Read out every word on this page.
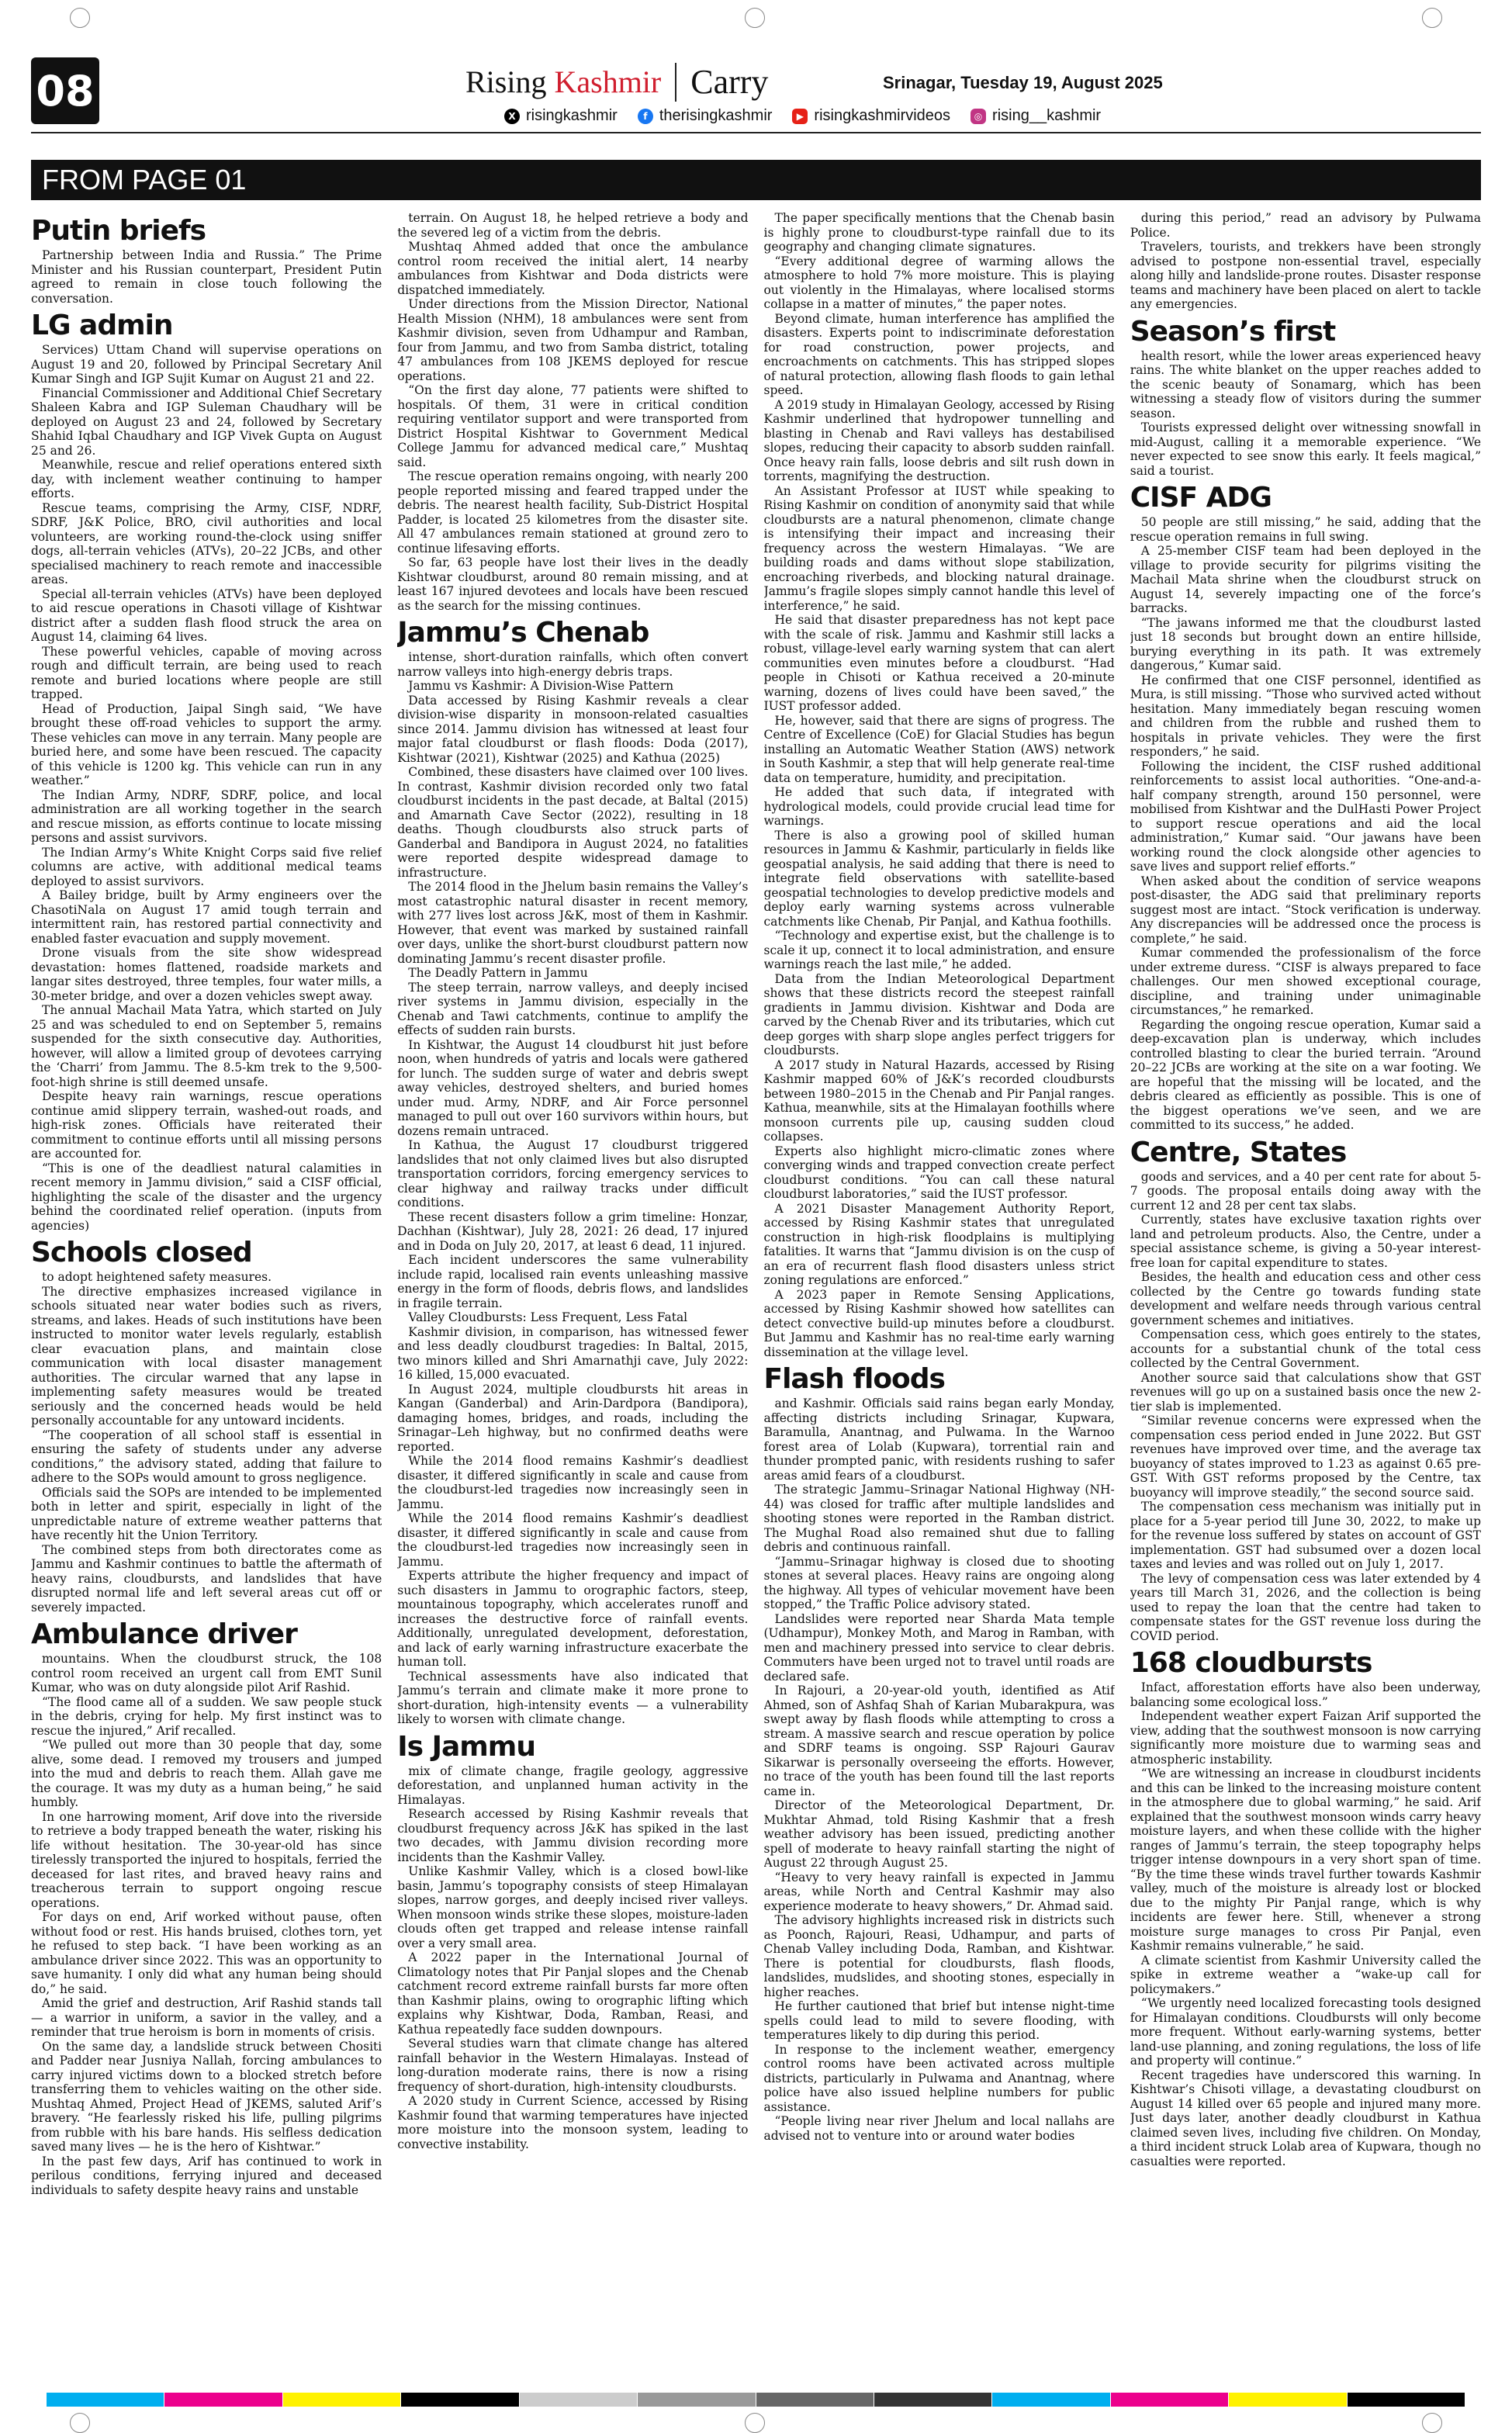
08	Rising Kashmir Carry	Srinagar, Tuesday 19, August 2025
X risingkashmir	f therisingkashmir	▶ risingkashmirvideos	◎ rising__kashmir
FROM PAGE 01
Putin briefs

Partnership between India and Russia.” The Prime Minister and his Russian counterpart, President Putin agreed to remain in close touch following the conversation.

LG admin

Services) Uttam Chand will supervise operations on August 19 and 20, followed by Principal Secretary Anil Kumar Singh and IGP Sujit Kumar on August 21 and 22.

Financial Commissioner and Additional Chief Secretary Shaleen Kabra and IGP Suleman Chaudhary will be deployed on August 23 and 24, followed by Secretary Shahid Iqbal Chaudhary and IGP Vivek Gupta on August 25 and 26.

Meanwhile, rescue and relief operations entered sixth day, with inclement weather continuing to hamper efforts.

Rescue teams, comprising the Army, CISF, NDRF, SDRF, J&K Police, BRO, civil authorities and local volunteers, are working round-the-clock using sniffer dogs, all-terrain vehicles (ATVs), 20–22 JCBs, and other specialised machinery to reach remote and inaccessible areas.

Special all-terrain vehicles (ATVs) have been deployed to aid rescue operations in Chasoti village of Kishtwar district after a sudden flash flood struck the area on August 14, claiming 64 lives.

These powerful vehicles, capable of moving across rough and difficult terrain, are being used to reach remote and buried locations where people are still trapped.

Head of Production, Jaipal Singh said, “We have brought these off-road vehicles to support the army. These vehicles can move in any terrain. Many people are buried here, and some have been rescued. The capacity of this vehicle is 1200 kg. This vehicle can run in any weather.”

The Indian Army, NDRF, SDRF, police, and local administration are all working together in the search and rescue mission, as efforts continue to locate missing persons and assist survivors.

The Indian Army’s White Knight Corps said five relief columns are active, with additional medical teams deployed to assist survivors.

A Bailey bridge, built by Army engineers over the ChasotiNala on August 17 amid tough terrain and intermittent rain, has restored partial connectivity and enabled faster evacuation and supply movement.

Drone visuals from the site show widespread devastation: homes flattened, roadside markets and langar sites destroyed, three temples, four water mills, a 30-meter bridge, and over a dozen vehicles swept away.

The annual Machail Mata Yatra, which started on July 25 and was scheduled to end on September 5, remains suspended for the sixth consecutive day. Authorities, however, will allow a limited group of devotees carrying the ‘Charri’ from Jammu. The 8.5-km trek to the 9,500-foot-high shrine is still deemed unsafe.

Despite heavy rain warnings, rescue operations continue amid slippery terrain, washed-out roads, and high-risk zones. Officials have reiterated their commitment to continue efforts until all missing persons are accounted for.

“This is one of the deadliest natural calamities in recent memory in Jammu division,” said a CISF official, highlighting the scale of the disaster and the urgency behind the coordinated relief operation. (inputs from agencies)

Schools closed

to adopt heightened safety measures.

The directive emphasizes increased vigilance in schools situated near water bodies such as rivers, streams, and lakes. Heads of such institutions have been instructed to monitor water levels regularly, establish clear evacuation plans, and maintain close communication with local disaster management authorities. The circular warned that any lapse in implementing safety measures would be treated seriously and the concerned heads would be held personally accountable for any untoward incidents.

“The cooperation of all school staff is essential in ensuring the safety of students under any adverse conditions,” the advisory stated, adding that failure to adhere to the SOPs would amount to gross negligence.

Officials said the SOPs are intended to be implemented both in letter and spirit, especially in light of the unpredictable nature of extreme weather patterns that have recently hit the Union Territory.

The combined steps from both directorates come as Jammu and Kashmir continues to battle the aftermath of heavy rains, cloudbursts, and landslides that have disrupted normal life and left several areas cut off or severely impacted.

Ambulance driver

mountains. When the cloudburst struck, the 108 control room received an urgent call from EMT Sunil Kumar, who was on duty alongside pilot Arif Rashid.

“The flood came all of a sudden. We saw people stuck in the debris, crying for help. My first instinct was to rescue the injured,” Arif recalled.

“We pulled out more than 30 people that day, some alive, some dead. I removed my trousers and jumped into the mud and debris to reach them. Allah gave me the courage. It was my duty as a human being,” he said humbly.

In one harrowing moment, Arif dove into the riverside to retrieve a body trapped beneath the water, risking his life without hesitation. The 30-year-old has since tirelessly transported the injured to hospitals, ferried the deceased for last rites, and braved heavy rains and treacherous terrain to support ongoing rescue operations.

For days on end, Arif worked without pause, often without food or rest. His hands bruised, clothes torn, yet he refused to step back. “I have been working as an ambulance driver since 2022. This was an opportunity to save humanity. I only did what any human being should do,” he said.

Amid the grief and destruction, Arif Rashid stands tall — a warrior in uniform, a savior in the valley, and a reminder that true heroism is born in moments of crisis.

On the same day, a landslide struck between Chositi and Padder near Jusniya Nallah, forcing ambulances to carry injured victims down to a blocked stretch before transferring them to vehicles waiting on the other side. Mushtaq Ahmed, Project Head of JKEMS, saluted Arif’s bravery. “He fearlessly risked his life, pulling pilgrims from rubble with his bare hands. His selfless dedication saved many lives — he is the hero of Kishtwar.”

In the past few days, Arif has continued to work in perilous conditions, ferrying injured and deceased individuals to safety despite heavy rains and unstable

terrain. On August 18, he helped retrieve a body and the severed leg of a victim from the debris.

Mushtaq Ahmed added that once the ambulance control room received the initial alert, 14 nearby ambulances from Kishtwar and Doda districts were dispatched immediately.

Under directions from the Mission Director, National Health Mission (NHM), 18 ambulances were sent from Kashmir division, seven from Udhampur and Ramban, four from Jammu, and two from Samba district, totaling 47 ambulances from 108 JKEMS deployed for rescue operations.

“On the first day alone, 77 patients were shifted to hospitals. Of them, 31 were in critical condition requiring ventilator support and were transported from District Hospital Kishtwar to Government Medical College Jammu for advanced medical care,” Mushtaq said.

The rescue operation remains ongoing, with nearly 200 people reported missing and feared trapped under the debris. The nearest health facility, Sub-District Hospital Padder, is located 25 kilometres from the disaster site. All 47 ambulances remain stationed at ground zero to continue lifesaving efforts.

So far, 63 people have lost their lives in the deadly Kishtwar cloudburst, around 80 remain missing, and at least 167 injured devotees and locals have been rescued as the search for the missing continues.

Jammu’s Chenab

intense, short-duration rainfalls, which often convert narrow valleys into high-energy debris traps.

Jammu vs Kashmir: A Division-Wise Pattern

Data accessed by Rising Kashmir reveals a clear division-wise disparity in monsoon-related casualties since 2014. Jammu division has witnessed at least four major fatal cloudburst or flash floods: Doda (2017), Kishtwar (2021), Kishtwar (2025) and Kathua (2025)

Combined, these disasters have claimed over 100 lives. In contrast, Kashmir division recorded only two fatal cloudburst incidents in the past decade, at Baltal (2015) and Amarnath Cave Sector (2022), resulting in 18 deaths. Though cloudbursts also struck parts of Ganderbal and Bandipora in August 2024, no fatalities were reported despite widespread damage to infrastructure.

The 2014 flood in the Jhelum basin remains the Valley’s most catastrophic natural disaster in recent memory, with 277 lives lost across J&K, most of them in Kashmir. However, that event was marked by sustained rainfall over days, unlike the short-burst cloudburst pattern now dominating Jammu’s recent disaster profile.

The Deadly Pattern in Jammu

The steep terrain, narrow valleys, and deeply incised river systems in Jammu division, especially in the Chenab and Tawi catchments, continue to amplify the effects of sudden rain bursts.

In Kishtwar, the August 14 cloudburst hit just before noon, when hundreds of yatris and locals were gathered for lunch. The sudden surge of water and debris swept away vehicles, destroyed shelters, and buried homes under mud. Army, NDRF, and Air Force personnel managed to pull out over 160 survivors within hours, but dozens remain untraced.

In Kathua, the August 17 cloudburst triggered landslides that not only claimed lives but also disrupted transportation corridors, forcing emergency services to clear highway and railway tracks under difficult conditions.

These recent disasters follow a grim timeline: Honzar, Dachhan (Kishtwar), July 28, 2021: 26 dead, 17 injured and in Doda on July 20, 2017, at least 6 dead, 11 injured.

Each incident underscores the same vulnerability include rapid, localised rain events unleashing massive energy in the form of floods, debris flows, and landslides in fragile terrain.

Valley Cloudbursts: Less Frequent, Less Fatal

Kashmir division, in comparison, has witnessed fewer and less deadly cloudburst tragedies: In Baltal, 2015, two minors killed and Shri Amarnathji cave, July 2022: 16 killed, 15,000 evacuated.

In August 2024, multiple cloudbursts hit areas in Kangan (Ganderbal) and Arin-Dardpora (Bandipora), damaging homes, bridges, and roads, including the Srinagar–Leh highway, but no confirmed deaths were reported.

While the 2014 flood remains Kashmir’s deadliest disaster, it differed significantly in scale and cause from the cloudburst-led tragedies now increasingly seen in Jammu.

While the 2014 flood remains Kashmir’s deadliest disaster, it differed significantly in scale and cause from the cloudburst-led tragedies now increasingly seen in Jammu.

Experts attribute the higher frequency and impact of such disasters in Jammu to orographic factors, steep, mountainous topography, which accelerates runoff and increases the destructive force of rainfall events. Additionally, unregulated development, deforestation, and lack of early warning infrastructure exacerbate the human toll.

Technical assessments have also indicated that Jammu’s terrain and climate make it more prone to short-duration, high-intensity events — a vulnerability likely to worsen with climate change.

Is Jammu

mix of climate change, fragile geology, aggressive deforestation, and unplanned human activity in the Himalayas.

Research accessed by Rising Kashmir reveals that cloudburst frequency across J&K has spiked in the last two decades, with Jammu division recording more incidents than the Kashmir Valley.

Unlike Kashmir Valley, which is a closed bowl-like basin, Jammu’s topography consists of steep Himalayan slopes, narrow gorges, and deeply incised river valleys. When monsoon winds strike these slopes, moisture-laden clouds often get trapped and release intense rainfall over a very small area.

A 2022 paper in the International Journal of Climatology notes that Pir Panjal slopes and the Chenab catchment record extreme rainfall bursts far more often than Kashmir plains, owing to orographic lifting which explains why Kishtwar, Doda, Ramban, Reasi, and Kathua repeatedly face sudden downpours.

Several studies warn that climate change has altered rainfall behavior in the Western Himalayas. Instead of long-duration moderate rains, there is now a rising frequency of short-duration, high-intensity cloudbursts.

A 2020 study in Current Science, accessed by Rising Kashmir found that warming temperatures have injected more moisture into the monsoon system, leading to convective instability.

The paper specifically mentions that the Chenab basin is highly prone to cloudburst-type rainfall due to its geography and changing climate signatures.

“Every additional degree of warming allows the atmosphere to hold 7% more moisture. This is playing out violently in the Himalayas, where localised storms collapse in a matter of minutes,” the paper notes.

Beyond climate, human interference has amplified the disasters. Experts point to indiscriminate deforestation for road construction, power projects, and encroachments on catchments. This has stripped slopes of natural protection, allowing flash floods to gain lethal speed.

A 2019 study in Himalayan Geology, accessed by Rising Kashmir underlined that hydropower tunnelling and blasting in Chenab and Ravi valleys has destabilised slopes, reducing their capacity to absorb sudden rainfall. Once heavy rain falls, loose debris and silt rush down in torrents, magnifying the destruction.

An Assistant Professor at IUST while speaking to Rising Kashmir on condition of anonymity said that while cloudbursts are a natural phenomenon, climate change is intensifying their impact and increasing their frequency across the western Himalayas. “We are building roads and dams without slope stabilization, encroaching riverbeds, and blocking natural drainage. Jammu’s fragile slopes simply cannot handle this level of interference,” he said.

He said that disaster preparedness has not kept pace with the scale of risk. Jammu and Kashmir still lacks a robust, village-level early warning system that can alert communities even minutes before a cloudburst. “Had people in Chisoti or Kathua received a 20-minute warning, dozens of lives could have been saved,” the IUST professor added.

He, however, said that there are signs of progress. The Centre of Excellence (CoE) for Glacial Studies has begun installing an Automatic Weather Station (AWS) network in South Kashmir, a step that will help generate real-time data on temperature, humidity, and precipitation.

He added that such data, if integrated with hydrological models, could provide crucial lead time for warnings.

There is also a growing pool of skilled human resources in Jammu & Kashmir, particularly in fields like geospatial analysis, he said adding that there is need to integrate field observations with satellite-based geospatial technologies to develop predictive models and deploy early warning systems across vulnerable catchments like Chenab, Pir Panjal, and Kathua foothills.

“Technology and expertise exist, but the challenge is to scale it up, connect it to local administration, and ensure warnings reach the last mile,” he added.

Data from the Indian Meteorological Department shows that these districts record the steepest rainfall gradients in Jammu division. Kishtwar and Doda are carved by the Chenab River and its tributaries, which cut deep gorges with sharp slope angles perfect triggers for cloudbursts.

A 2017 study in Natural Hazards, accessed by Rising Kashmir mapped 60% of J&K’s recorded cloudbursts between 1980–2015 in the Chenab and Pir Panjal ranges. Kathua, meanwhile, sits at the Himalayan foothills where monsoon currents pile up, causing sudden cloud collapses.

Experts also highlight micro-climatic zones where converging winds and trapped convection create perfect cloudburst conditions. “You can call these natural cloudburst laboratories,” said the IUST professor.

A 2021 Disaster Management Authority Report, accessed by Rising Kashmir states that unregulated construction in high-risk floodplains is multiplying fatalities. It warns that “Jammu division is on the cusp of an era of recurrent flash flood disasters unless strict zoning regulations are enforced.”

A 2023 paper in Remote Sensing Applications, accessed by Rising Kashmir showed how satellites can detect convective build-up minutes before a cloudburst. But Jammu and Kashmir has no real-time early warning dissemination at the village level.

Flash floods

and Kashmir. Officials said rains began early Monday, affecting districts including Srinagar, Kupwara, Baramulla, Anantnag, and Pulwama. In the Warnoo forest area of Lolab (Kupwara), torrential rain and thunder prompted panic, with residents rushing to safer areas amid fears of a cloudburst.

The strategic Jammu–Srinagar National Highway (NH-44) was closed for traffic after multiple landslides and shooting stones were reported in the Ramban district. The Mughal Road also remained shut due to falling debris and continuous rainfall.

“Jammu–Srinagar highway is closed due to shooting stones at several places. Heavy rains are ongoing along the highway. All types of vehicular movement have been stopped,” the Traffic Police advisory stated.

Landslides were reported near Sharda Mata temple (Udhampur), Monkey Moth, and Marog in Ramban, with men and machinery pressed into service to clear debris. Commuters have been urged not to travel until roads are declared safe.

In Rajouri, a 20-year-old youth, identified as Atif Ahmed, son of Ashfaq Shah of Karian Mubarakpura, was swept away by flash floods while attempting to cross a stream. A massive search and rescue operation by police and SDRF teams is ongoing. SSP Rajouri Gaurav Sikarwar is personally overseeing the efforts. However, no trace of the youth has been found till the last reports came in.

Director of the Meteorological Department, Dr. Mukhtar Ahmad, told Rising Kashmir that a fresh weather advisory has been issued, predicting another spell of moderate to heavy rainfall starting the night of August 22 through August 25.

“Heavy to very heavy rainfall is expected in Jammu areas, while North and Central Kashmir may also experience moderate to heavy showers,” Dr. Ahmad said.

The advisory highlights increased risk in districts such as Poonch, Rajouri, Reasi, Udhampur, and parts of Chenab Valley including Doda, Ramban, and Kishtwar. There is potential for cloudbursts, flash floods, landslides, mudslides, and shooting stones, especially in higher reaches.

He further cautioned that brief but intense night-time spells could lead to mild to severe flooding, with temperatures likely to dip during this period.

In response to the inclement weather, emergency control rooms have been activated across multiple districts, particularly in Pulwama and Anantnag, where police have also issued helpline numbers for public assistance.

“People living near river Jhelum and local nallahs are advised not to venture into or around water bodies

during this period,” read an advisory by Pulwama Police.

Travelers, tourists, and trekkers have been strongly advised to postpone non-essential travel, especially along hilly and landslide-prone routes. Disaster response teams and machinery have been placed on alert to tackle any emergencies.

Season’s first

health resort, while the lower areas experienced heavy rains. The white blanket on the upper reaches added to the scenic beauty of Sonamarg, which has been witnessing a steady flow of visitors during the summer season.

Tourists expressed delight over witnessing snowfall in mid-August, calling it a memorable experience. “We never expected to see snow this early. It feels magical,” said a tourist.

CISF ADG

50 people are still missing,” he said, adding that the rescue operation remains in full swing.

A 25-member CISF team had been deployed in the village to provide security for pilgrims visiting the Machail Mata shrine when the cloudburst struck on August 14, severely impacting one of the force’s barracks.

“The jawans informed me that the cloudburst lasted just 18 seconds but brought down an entire hillside, burying everything in its path. It was extremely dangerous,” Kumar said.

He confirmed that one CISF personnel, identified as Mura, is still missing. “Those who survived acted without hesitation. Many immediately began rescuing women and children from the rubble and rushed them to hospitals in private vehicles. They were the first responders,” he said.

Following the incident, the CISF rushed additional reinforcements to assist local authorities. “One-and-a-half company strength, around 150 personnel, were mobilised from Kishtwar and the DulHasti Power Project to support rescue operations and aid the local administration,” Kumar said. “Our jawans have been working round the clock alongside other agencies to save lives and support relief efforts.”

When asked about the condition of service weapons post-disaster, the ADG said that preliminary reports suggest most are intact. “Stock verification is underway. Any discrepancies will be addressed once the process is complete,” he said.

Kumar commended the professionalism of the force under extreme duress. “CISF is always prepared to face challenges. Our men showed exceptional courage, discipline, and training under unimaginable circumstances,” he remarked.

Regarding the ongoing rescue operation, Kumar said a deep-excavation plan is underway, which includes controlled blasting to clear the buried terrain. “Around 20–22 JCBs are working at the site on a war footing. We are hopeful that the missing will be located, and the debris cleared as efficiently as possible. This is one of the biggest operations we’ve seen, and we are committed to its success,” he added.

Centre, States

goods and services, and a 40 per cent rate for about 5-7 goods. The proposal entails doing away with the current 12 and 28 per cent tax slabs.

Currently, states have exclusive taxation rights over land and petroleum products. Also, the Centre, under a special assistance scheme, is giving a 50-year interest-free loan for capital expenditure to states.

Besides, the health and education cess and other cess collected by the Centre go towards funding state development and welfare needs through various central government schemes and initiatives.

Compensation cess, which goes entirely to the states, accounts for a substantial chunk of the total cess collected by the Central Government.

Another source said that calculations show that GST revenues will go up on a sustained basis once the new 2-tier slab is implemented.

“Similar revenue concerns were expressed when the compensation cess period ended in June 2022. But GST revenues have improved over time, and the average tax buoyancy of states improved to 1.23 as against 0.65 pre-GST. With GST reforms proposed by the Centre, tax buoyancy will improve steadily,” the second source said.

The compensation cess mechanism was initially put in place for a 5-year period till June 30, 2022, to make up for the revenue loss suffered by states on account of GST implementation. GST had subsumed over a dozen local taxes and levies and was rolled out on July 1, 2017.

The levy of compensation cess was later extended by 4 years till March 31, 2026, and the collection is being used to repay the loan that the centre had taken to compensate states for the GST revenue loss during the COVID period.

168 cloudbursts

Infact, afforestation efforts have also been underway, balancing some ecological loss.”

Independent weather expert Faizan Arif supported the view, adding that the southwest monsoon is now carrying significantly more moisture due to warming seas and atmospheric instability.

“We are witnessing an increase in cloudburst incidents and this can be linked to the increasing moisture content in the atmosphere due to global warming,” he said. Arif explained that the southwest monsoon winds carry heavy moisture layers, and when these collide with the higher ranges of Jammu’s terrain, the steep topography helps trigger intense downpours in a very short span of time. “By the time these winds travel further towards Kashmir valley, much of the moisture is already lost or blocked due to the mighty Pir Panjal range, which is why incidents are fewer here. Still, whenever a strong moisture surge manages to cross Pir Panjal, even Kashmir remains vulnerable,” he said.

A climate scientist from Kashmir University called the spike in extreme weather a “wake-up call for policymakers.”

“We urgently need localized forecasting tools designed for Himalayan conditions. Cloudbursts will only become more frequent. Without early-warning systems, better land-use planning, and zoning regulations, the loss of life and property will continue.”

Recent tragedies have underscored this warning. In Kishtwar’s Chisoti village, a devastating cloudburst on August 14 killed over 65 people and injured many more. Just days later, another deadly cloudburst in Kathua claimed seven lives, including five children. On Monday, a third incident struck Lolab area of Kupwara, though no casualties were reported.
